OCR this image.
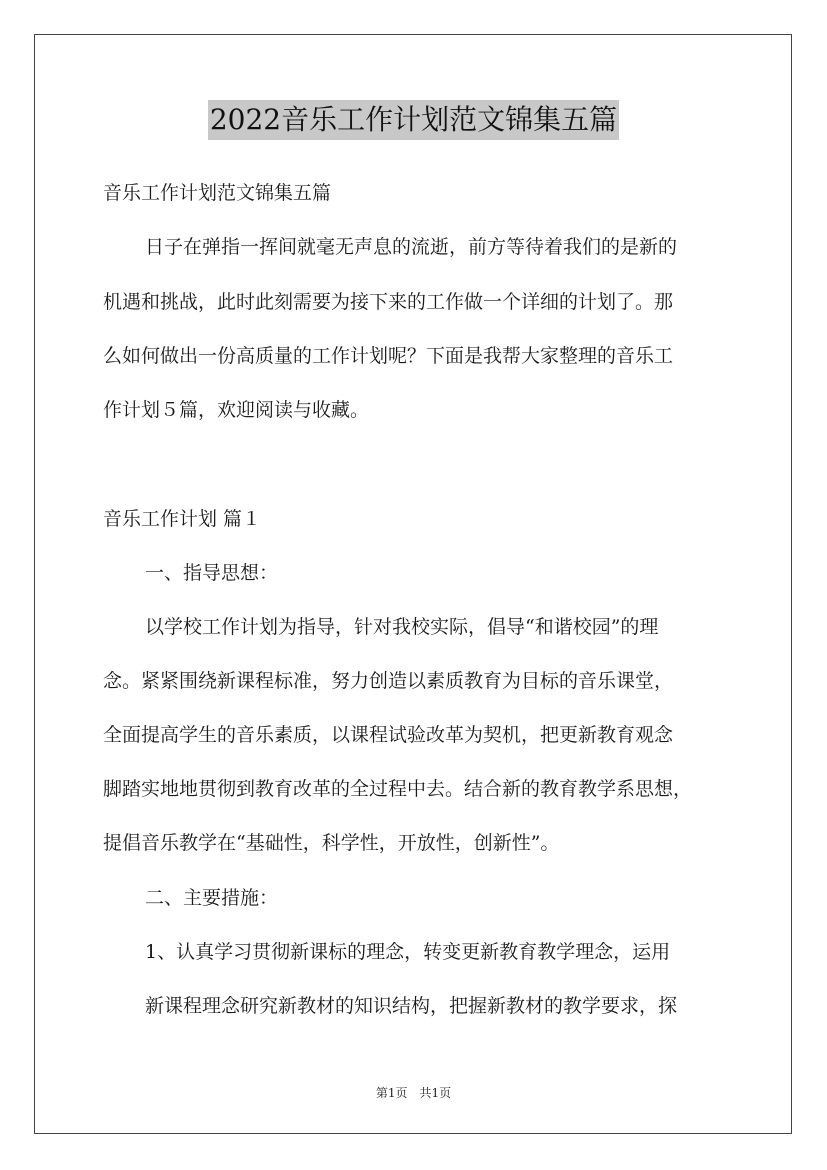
2022音乐工作计划范文锦集五篇
音乐工作计划范文锦集五篇
日子在弹指一挥间就毫无声息的流逝，前方等待着我们的是新的
机遇和挑战，此时此刻需要为接下来的工作做一个详细的计划了。那
么如何做出一份高质量的工作计划呢？下面是我帮大家整理的音乐工
作计划５篇，欢迎阅读与收藏。
音乐工作计划 篇１
一、指导思想：
以学校工作计划为指导，针对我校实际，倡导“和谐校园”的理
念。紧紧围绕新课程标准，努力创造以素质教育为目标的音乐课堂，
全面提高学生的音乐素质，以课程试验改革为契机，把更新教育观念
脚踏实地地贯彻到教育改革的全过程中去。结合新的教育教学系思想，
提倡音乐教学在“基础性，科学性，开放性，创新性”。
二、主要措施：
1、认真学习贯彻新课标的理念，转变更新教育教学理念，运用
新课程理念研究新教材的知识结构，把握新教材的教学要求，探
第1页　共1页
